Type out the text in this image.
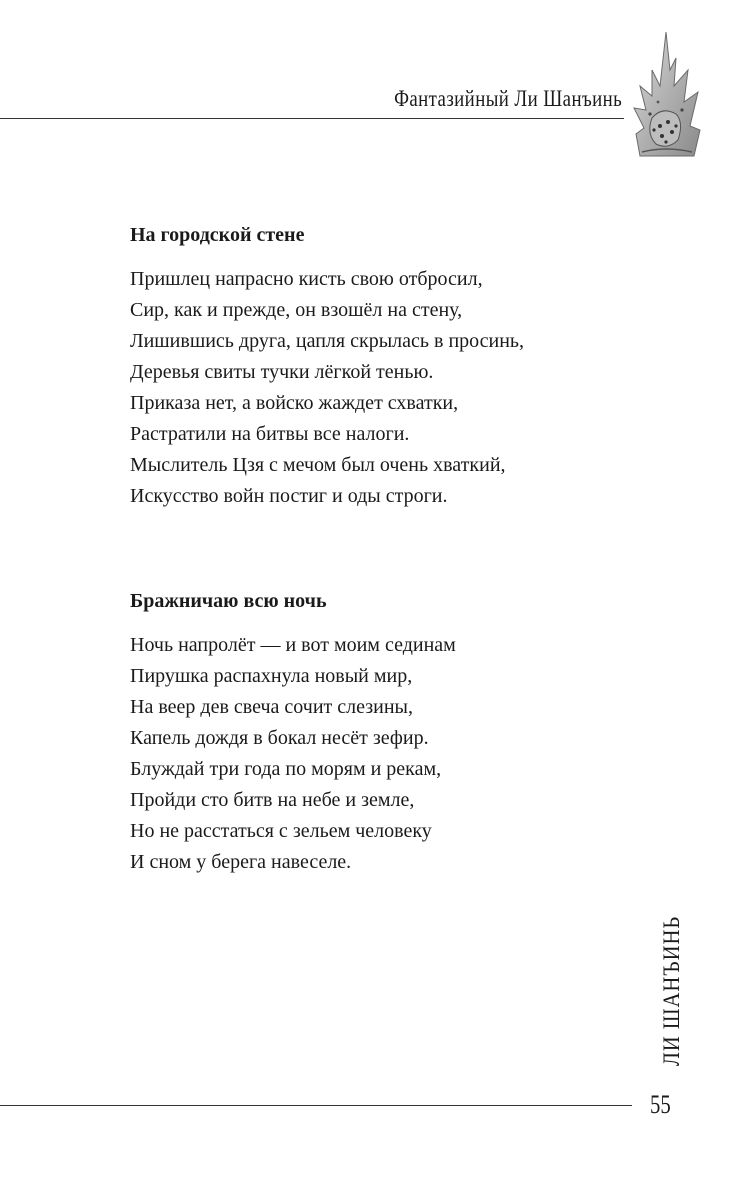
Фантазийный Ли Шанъинь
На городской стене
Пришлец напрасно кисть свою отбросил,
Сир, как и прежде, он взошёл на стену,
Лишившись друга, цапля скрылась в просинь,
Деревья свиты тучки лёгкой тенью.
Приказа нет, а войско жаждет схватки,
Растратили на битвы все налоги.
Мыслитель Цзя с мечом был очень хваткий,
Искусство войн постиг и оды строги.
Бражничаю всю ночь
Ночь напролёт — и вот моим сединам
Пирушка распахнула новый мир,
На веер дев свеча сочит слезины,
Капель дождя в бокал несёт зефир.
Блуждай три года по морям и рекам,
Пройди сто битв на небе и земле,
Но не расстаться с зельем человеку
И сном у берега навеселе.
ЛИ ШАНЪИНЬ
55
